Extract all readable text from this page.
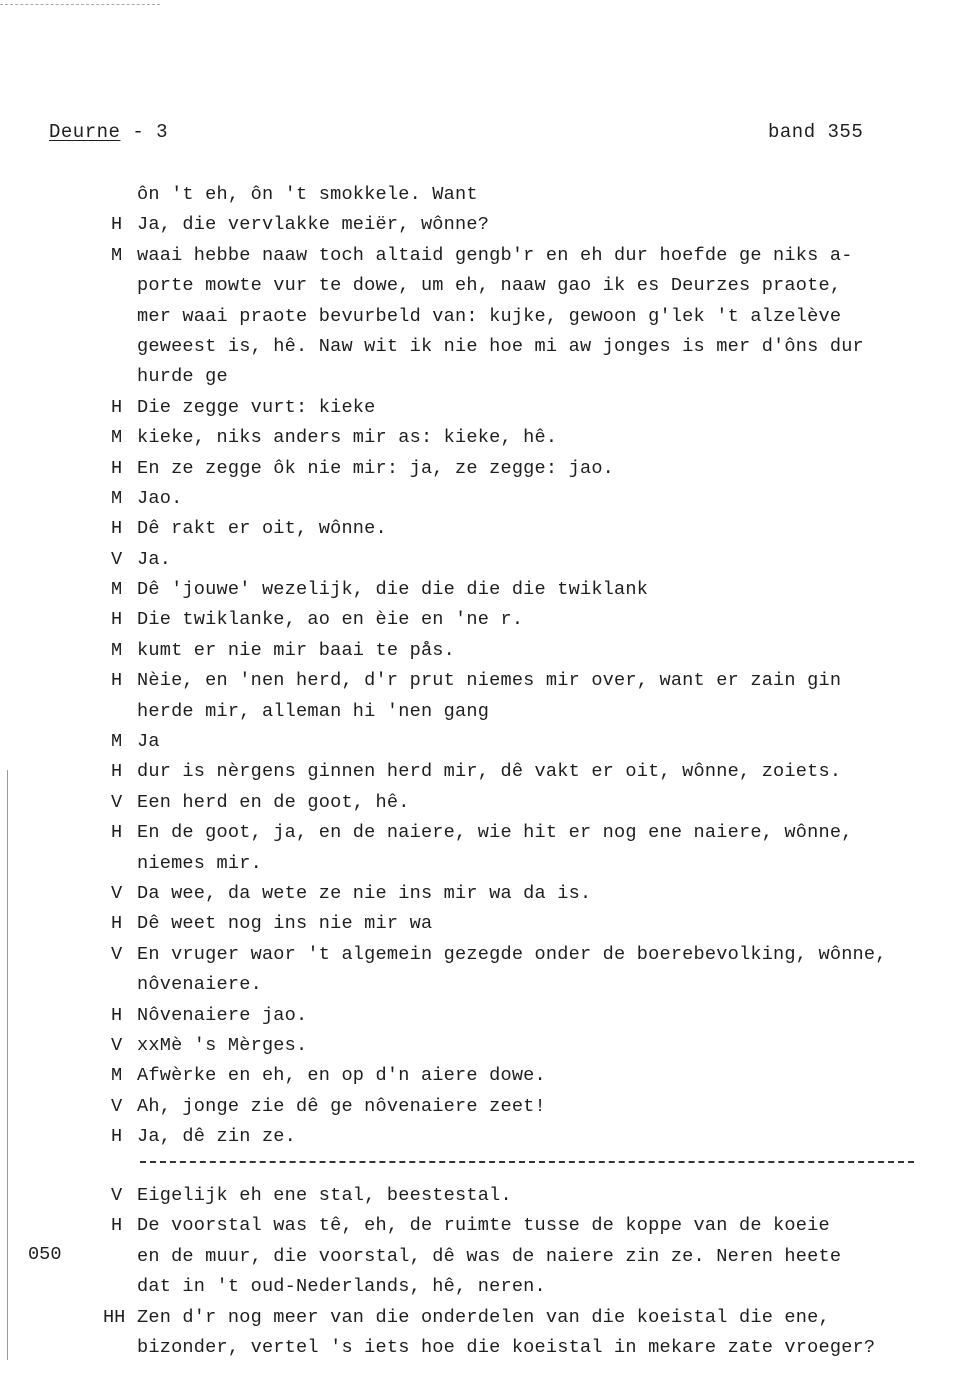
Deurne - 3	band 355
ôn 't eh, ôn 't smokkele. Want
H Ja, die vervlakke meiër, wônne?
M waai hebbe naaw toch altaid gengb'r en eh dur hoefde ge niks a-
porte mowte vur te dowe, um eh, naaw gao ik es Deurzes praote,
mer waai praote bevurbeld van: kujke, gewoon g'lek 't alzelève
geweest is, hê. Naw wit ik nie hoe mi aw jonges is mer d'ôns dur
hurde ge
H Die zegge vurt: kieke
M kieke, niks anders mir as: kieke, hê.
H En ze zegge ôk nie mir: ja, ze zegge: jao.
M Jao.
H Dê rakt er oit, wônne.
V Ja.
M Dê 'jouwe' wezelijk, die die die die twiklank
H Die twiklanke, ao en èie en 'ne r.
M kumt er nie mir baai te pås.
H Nèie, en 'nen herd, d'r prut niemes mir over, want er zain gin
herde mir, alleman hi 'nen gang
M Ja
H dur is nèrgens ginnen herd mir, dê vakt er oit, wônne, zoiets.
V Een herd en de goot, hê.
H En de goot, ja, en de naiere, wie hit er nog ene naiere, wônne,
niemes mir.
V Da wee, da wete ze nie ins mir wa da is.
H Dê weet nog ins nie mir wa
V En vruger waor 't algemein gezegde onder de boerebevolking, wônne,
nôvenaiere.
H Nôvenaiere jao.
V xxMè 's Mèrges.
M Afwèrke en eh, en op d'n aiere dowe.
V Ah, jonge zie dê ge nôvenaiere zeet!
H Ja, dê zin ze.
V Eigelijk eh ene stal, beestestal.
H De voorstal was tê, eh, de ruimte tusse de koppe van de koeie
en de muur, die voorstal, dê was de naiere zin ze. Neren heete
dat in 't oud-Nederlands, hê, neren.
HH Zen d'r nog meer van die onderdelen van die koeistal die ene,
bizonder, vertel 's iets hoe die koeistal in mekare zate vroeger?
050
